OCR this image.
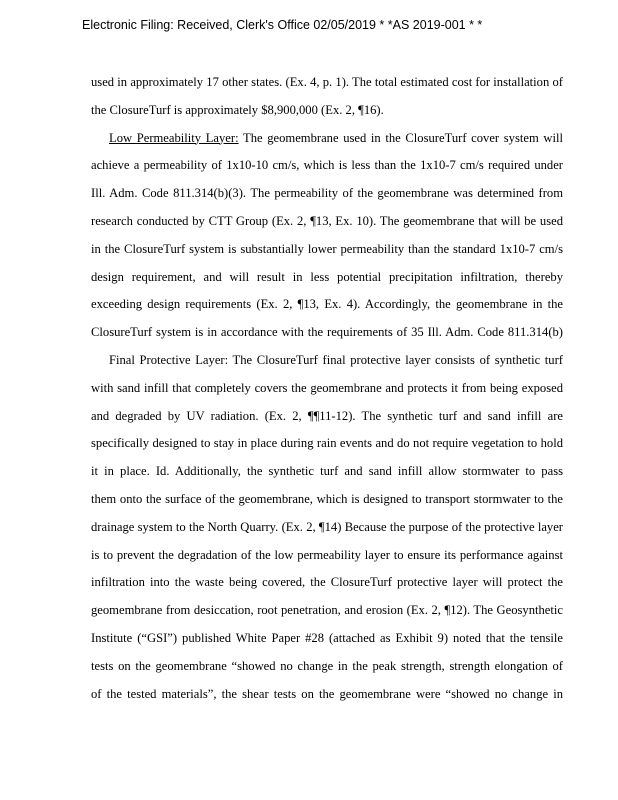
Electronic Filing: Received, Clerk's Office 02/05/2019 * *AS 2019-001 * *
used in approximately 17 other states. (Ex. 4, p. 1). The total estimated cost for installation of
the ClosureTurf is approximately $8,900,000 (Ex. 2, ¶16).
Low Permeability Layer: The geomembrane used in the ClosureTurf cover system will
achieve a permeability of 1x10-10 cm/s, which is less than the 1x10-7 cm/s required under
Ill. Adm. Code 811.314(b)(3). The permeability of the geomembrane was determined from
research conducted by CTT Group (Ex. 2, ¶13, Ex. 10). The geomembrane that will be used
in the ClosureTurf system is substantially lower permeability than the standard 1x10-7 cm/s
design requirement, and will result in less potential precipitation infiltration, thereby
exceeding design requirements (Ex. 2, ¶13, Ex. 4). Accordingly, the geomembrane in the
ClosureTurf system is in accordance with the requirements of 35 Ill. Adm. Code 811.314(b)
Final Protective Layer: The ClosureTurf final protective layer consists of synthetic turf
with sand infill that completely covers the geomembrane and protects it from being exposed
and degraded by UV radiation. (Ex. 2, ¶¶11-12). The synthetic turf and sand infill are
specifically designed to stay in place during rain events and do not require vegetation to hold
it in place. Id. Additionally, the synthetic turf and sand infill allow stormwater to pass
them onto the surface of the geomembrane, which is designed to transport stormwater to the
drainage system to the North Quarry. (Ex. 2, ¶14) Because the purpose of the protective layer
is to prevent the degradation of the low permeability layer to ensure its performance against
infiltration into the waste being covered, the ClosureTurf protective layer will protect the
geomembrane from desiccation, root penetration, and erosion (Ex. 2, ¶12). The Geosynthetic
Institute (“GSI”) published White Paper #28 (attached as Exhibit 9) noted that the tensile
tests on the geomembrane “showed no change in the peak strength, strength elongation of
of the tested materials”, the shear tests on the geomembrane were “showed no change in
